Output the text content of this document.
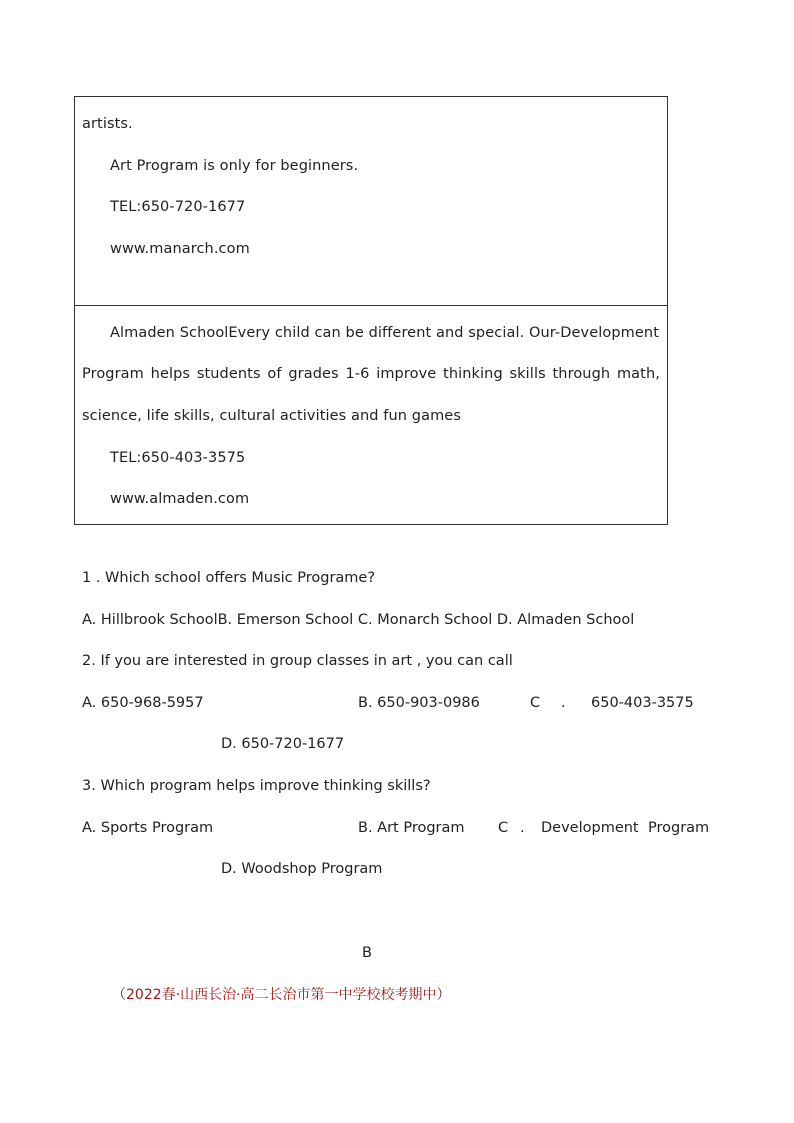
artists.
Art Program is only for beginners.
TEL:650-720-1677
www.manarch.com
Almaden SchoolEvery child can be different and special. Our-Development
Program helps students of grades 1-6 improve thinking skills through math,
science, life skills, cultural activities and fun games
TEL:650-403-3575
www.almaden.com
1 . Which school offers Music Programe?
A. Hillbrook SchoolB. Emerson School C. Monarch School D. Almaden School
2. If you are interested in group classes in art , you can call
A. 650-968-5957	B. 650-903-0986	C . 650-403-3575
D. 650-720-1677
3. Which program helps improve thinking skills?
A. Sports Program	B. Art Program C . Development Program
D. Woodshop Program
B
（2022春·山西长治·高二长治市第一中学校校考期中）
